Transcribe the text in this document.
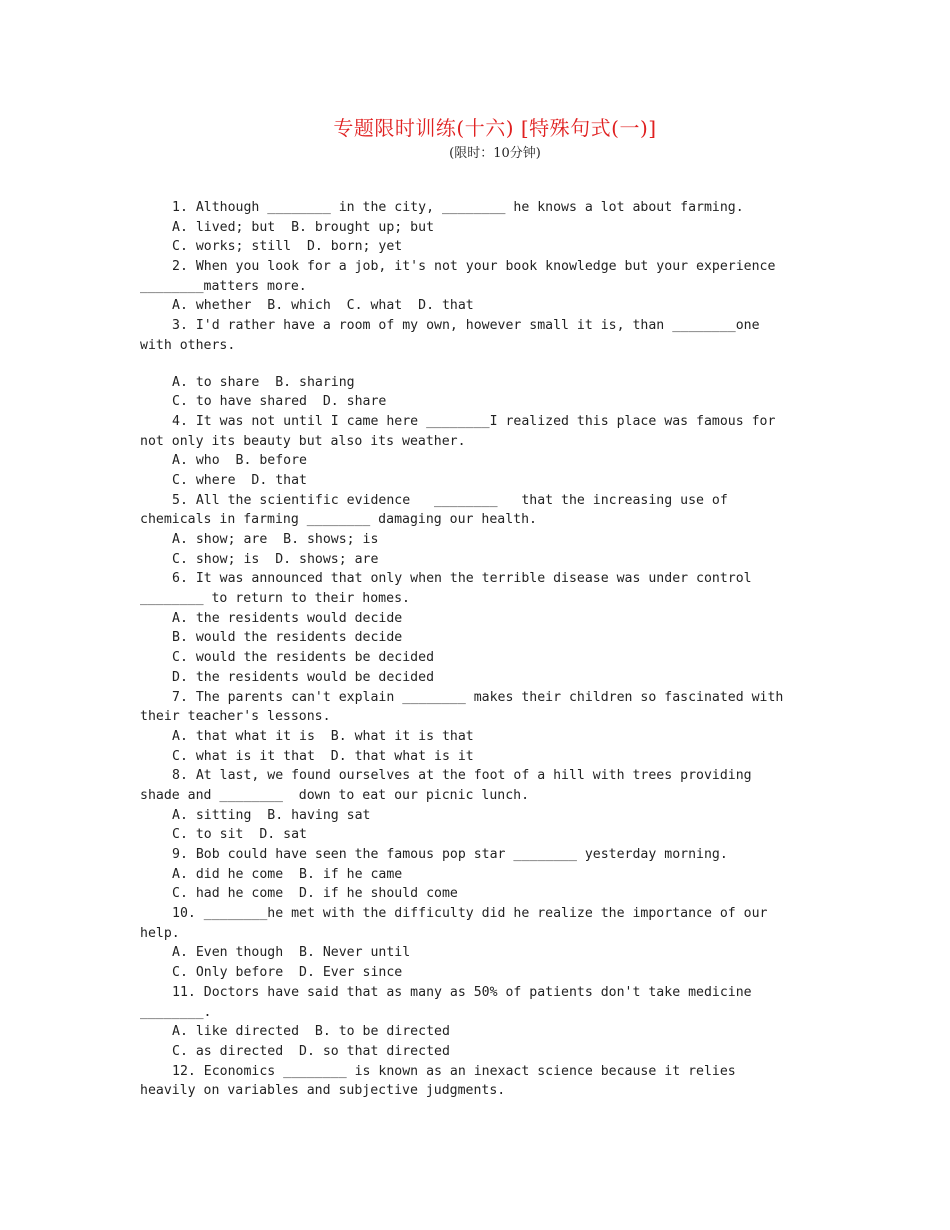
专题限时训练(十六) [特殊句式(一)]
(限时：10分钟)
1. Although ________ in the city, ________ he knows a lot about farming.
A. lived; but  B. brought up; but
C. works; still  D. born; yet
2. When you look for a job, it's not your book knowledge but your experience
________matters more.
A. whether  B. which  C. what  D. that
3. I'd rather have a room of my own, however small it is, than ________one
with others.
A. to share  B. sharing
C. to have shared  D. share
4. It was not until I came here ________I realized this place was famous for
not only its beauty but also its weather.
A. who  B. before
C. where  D. that
5. All the scientific evidence   ________   that the increasing use of
chemicals in farming ________ damaging our health.
A. show; are  B. shows; is
C. show; is  D. shows; are
6. It was announced that only when the terrible disease was under control
________ to return to their homes.
A. the residents would decide
B. would the residents decide
C. would the residents be decided
D. the residents would be decided
7. The parents can't explain ________ makes their children so fascinated with
their teacher's lessons.
A. that what it is  B. what it is that
C. what is it that  D. that what is it
8. At last, we found ourselves at the foot of a hill with trees providing
shade and ________  down to eat our picnic lunch.
A. sitting  B. having sat
C. to sit  D. sat
9. Bob could have seen the famous pop star ________ yesterday morning.
A. did he come  B. if he came
C. had he come  D. if he should come
10. ________he met with the difficulty did he realize the importance of our
help.
A. Even though  B. Never until
C. Only before  D. Ever since
11. Doctors have said that as many as 50% of patients don't take medicine
________.
A. like directed  B. to be directed
C. as directed  D. so that directed
12. Economics ________ is known as an inexact science because it relies
heavily on variables and subjective judgments.
